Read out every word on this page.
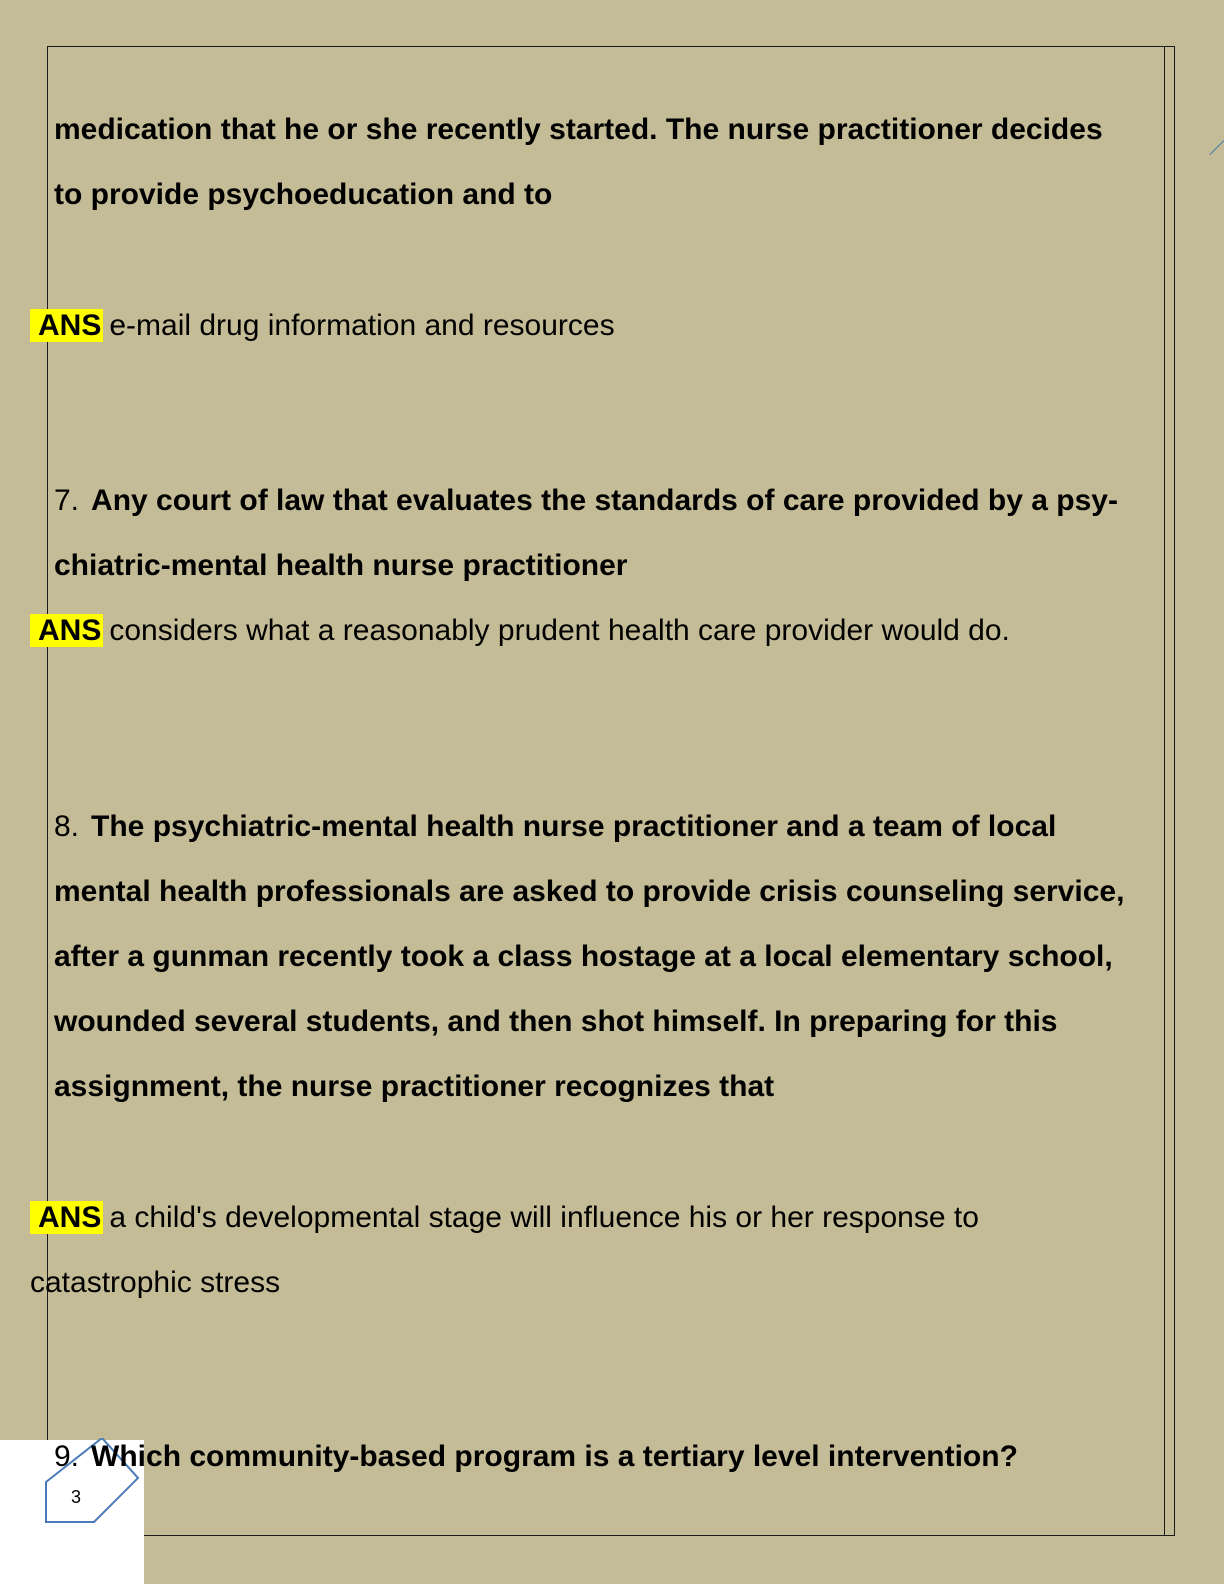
medication that he or she recently started. The nurse practitioner decides
to provide psychoeducation and to
ANS e-mail drug information and resources
7. Any court of law that evaluates the standards of care provided by a psy-
chiatric-mental health nurse practitioner
ANS considers what a reasonably prudent health care provider would do.
8. The psychiatric-mental health nurse practitioner and a team of local
mental health professionals are asked to provide crisis counseling service,
after a gunman recently took a class hostage at a local elementary school,
wounded several students, and then shot himself. In preparing for this
assignment, the nurse practitioner recognizes that
ANS a child's developmental stage will influence his or her response to
catastrophic stress
3
9. Which community-based program is a tertiary level intervention?
